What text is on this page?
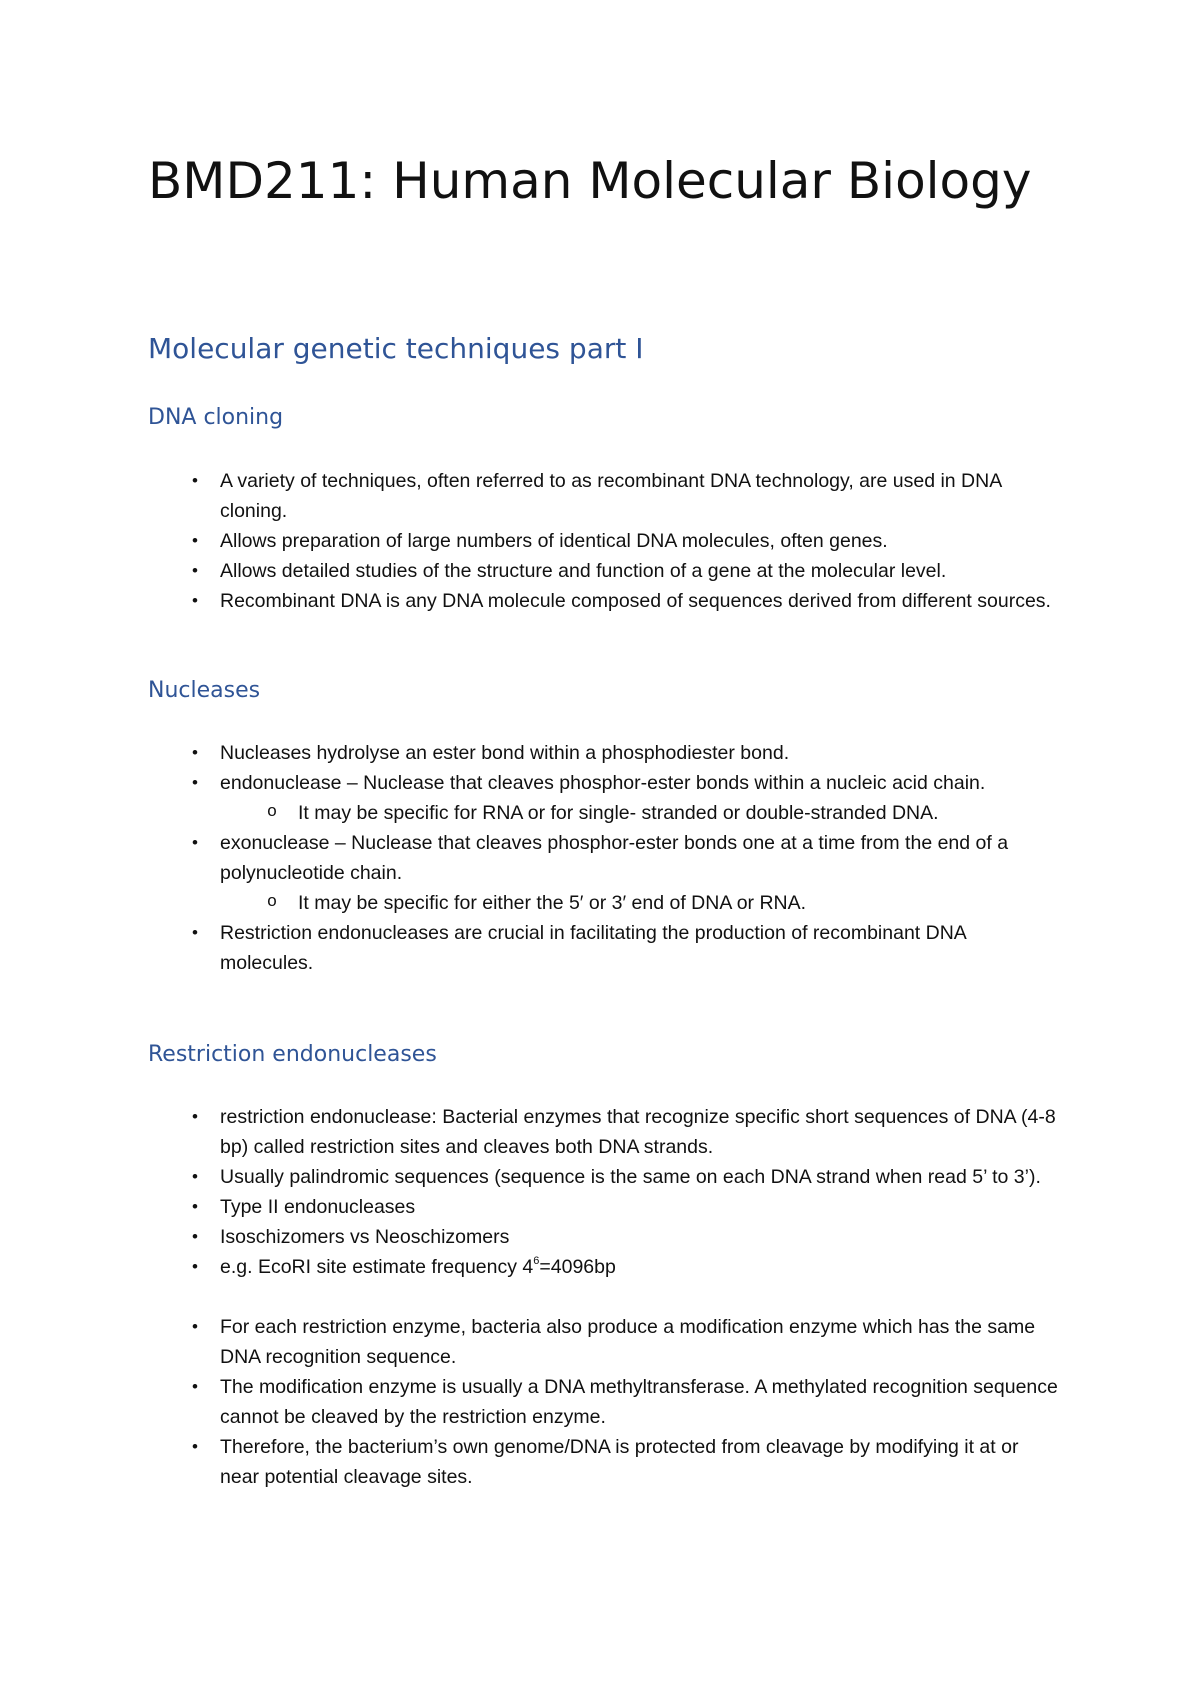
BMD211: Human Molecular Biology
Molecular genetic techniques part I
DNA cloning
•	A variety of techniques, often referred to as recombinant DNA technology, are used in DNA cloning.
•	Allows preparation of large numbers of identical DNA molecules, often genes.
•	Allows detailed studies of the structure and function of a gene at the molecular level.
•	Recombinant DNA is any DNA molecule composed of sequences derived from different sources.
Nucleases
•	Nucleases hydrolyse an ester bond within a phosphodiester bond.
•	endonuclease – Nuclease that cleaves phosphor-ester bonds within a nucleic acid chain.
o It may be specific for RNA or for single- stranded or double-stranded DNA.
•	exonuclease – Nuclease that cleaves phosphor-ester bonds one at a time from the end of a polynucleotide chain.
o It may be specific for either the 5′ or 3′ end of DNA or RNA.
•	Restriction endonucleases are crucial in facilitating the production of recombinant DNA molecules.
Restriction endonucleases
•	restriction endonuclease: Bacterial enzymes that recognize specific short sequences of DNA (4-8 bp) called restriction sites and cleaves both DNA strands.
•	Usually palindromic sequences (sequence is the same on each DNA strand when read 5’ to 3’).
•	Type II endonucleases
•	Isoschizomers vs Neoschizomers
•	e.g. EcoRI site estimate frequency $4^6=4096bp$
•	For each restriction enzyme, bacteria also produce a modification enzyme which has the same DNA recognition sequence.
•	The modification enzyme is usually a DNA methyltransferase. A methylated recognition sequence cannot be cleaved by the restriction enzyme.
•	Therefore, the bacterium’s own genome/DNA is protected from cleavage by modifying it at or near potential cleavage sites.
